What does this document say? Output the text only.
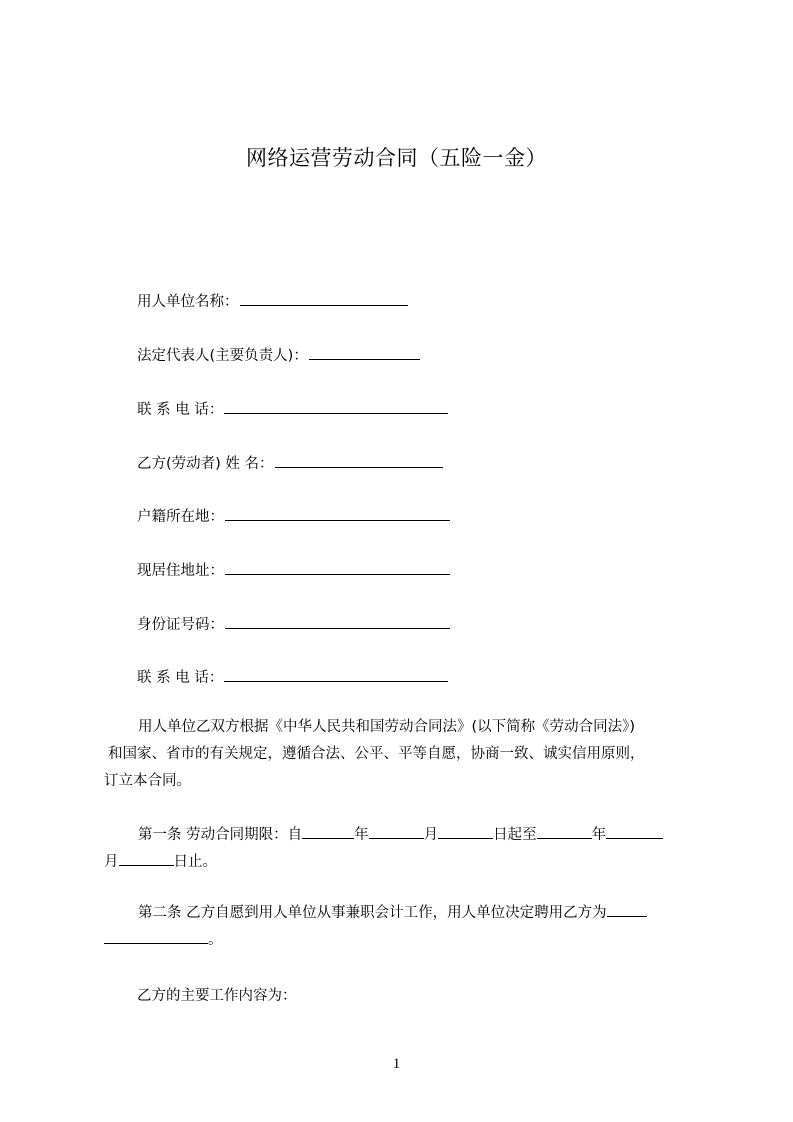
网络运营劳动合同（五险一金）
用人单位名称：
法定代表人(主要负责人)：
联 系 电 话：
乙方(劳动者) 姓 名：
户籍所在地：
现居住地址：
身份证号码：
联 系 电 话：
用人单位乙双方根据《中华人民共和国劳动合同法》(以下简称《劳动合同法》)
和国家、省市的有关规定，遵循合法、公平、平等自愿，协商一致、诚实信用原则，
订立本合同。
第一条 劳动合同期限：自	年	月	日起至	年
月	日止。
第二条 乙方自愿到用人单位从事兼职会计工作，用人单位决定聘用乙方为
。
乙方的主要工作内容为：
1
